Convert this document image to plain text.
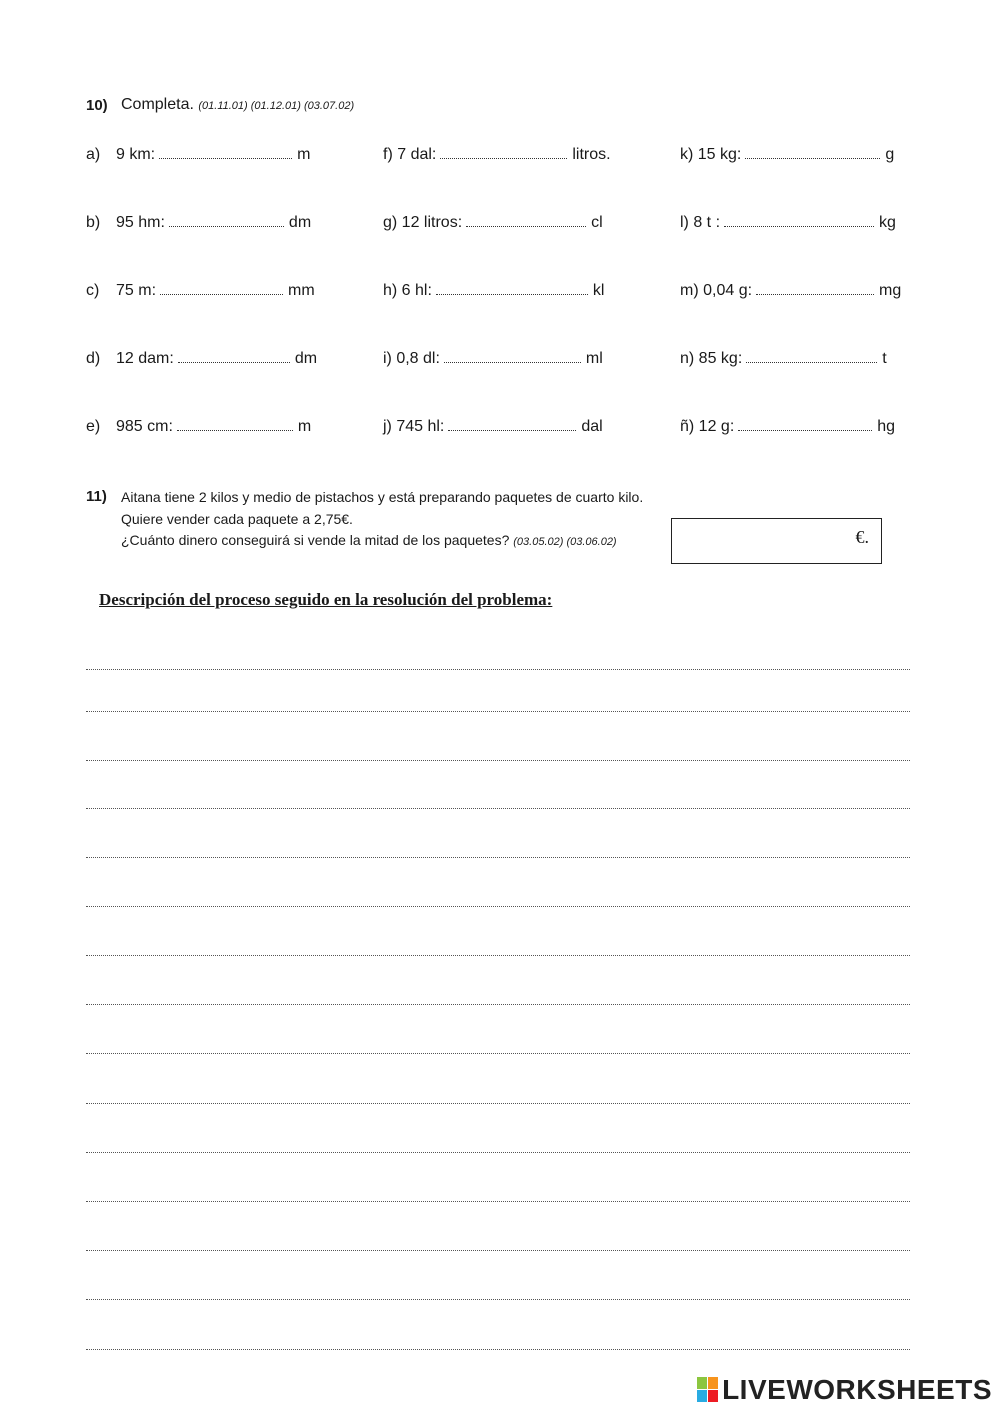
10) Completa. (01.11.01) (01.12.01) (03.07.02)
a) 9 km:	m	f) 7 dal:	litros.	k) 15 kg:	g
b) 95 hm:	dm	g) 12 litros:	cl	l) 8 t :	kg
c)	75 m:	mm	h) 6 hl:	kl	m) 0,04 g:	mg
d) 12 dam:	dm	i) 0,8 dl:	ml	n) 85 kg:	t
e) 985 cm:	m	j) 745 hl:	dal	ñ) 12 g:	hg
11) Aitana tiene 2 kilos y medio de pistachos y está preparando paquetes de cuarto kilo.
Quiere vender cada paquete a 2,75€.
¿Cuánto dinero conseguirá si vende la mitad de los paquetes? (03.05.02) (03.06.02)	€.
Descripción del proceso seguido en la resolución del problema:
LIVEWORKSHEETS
